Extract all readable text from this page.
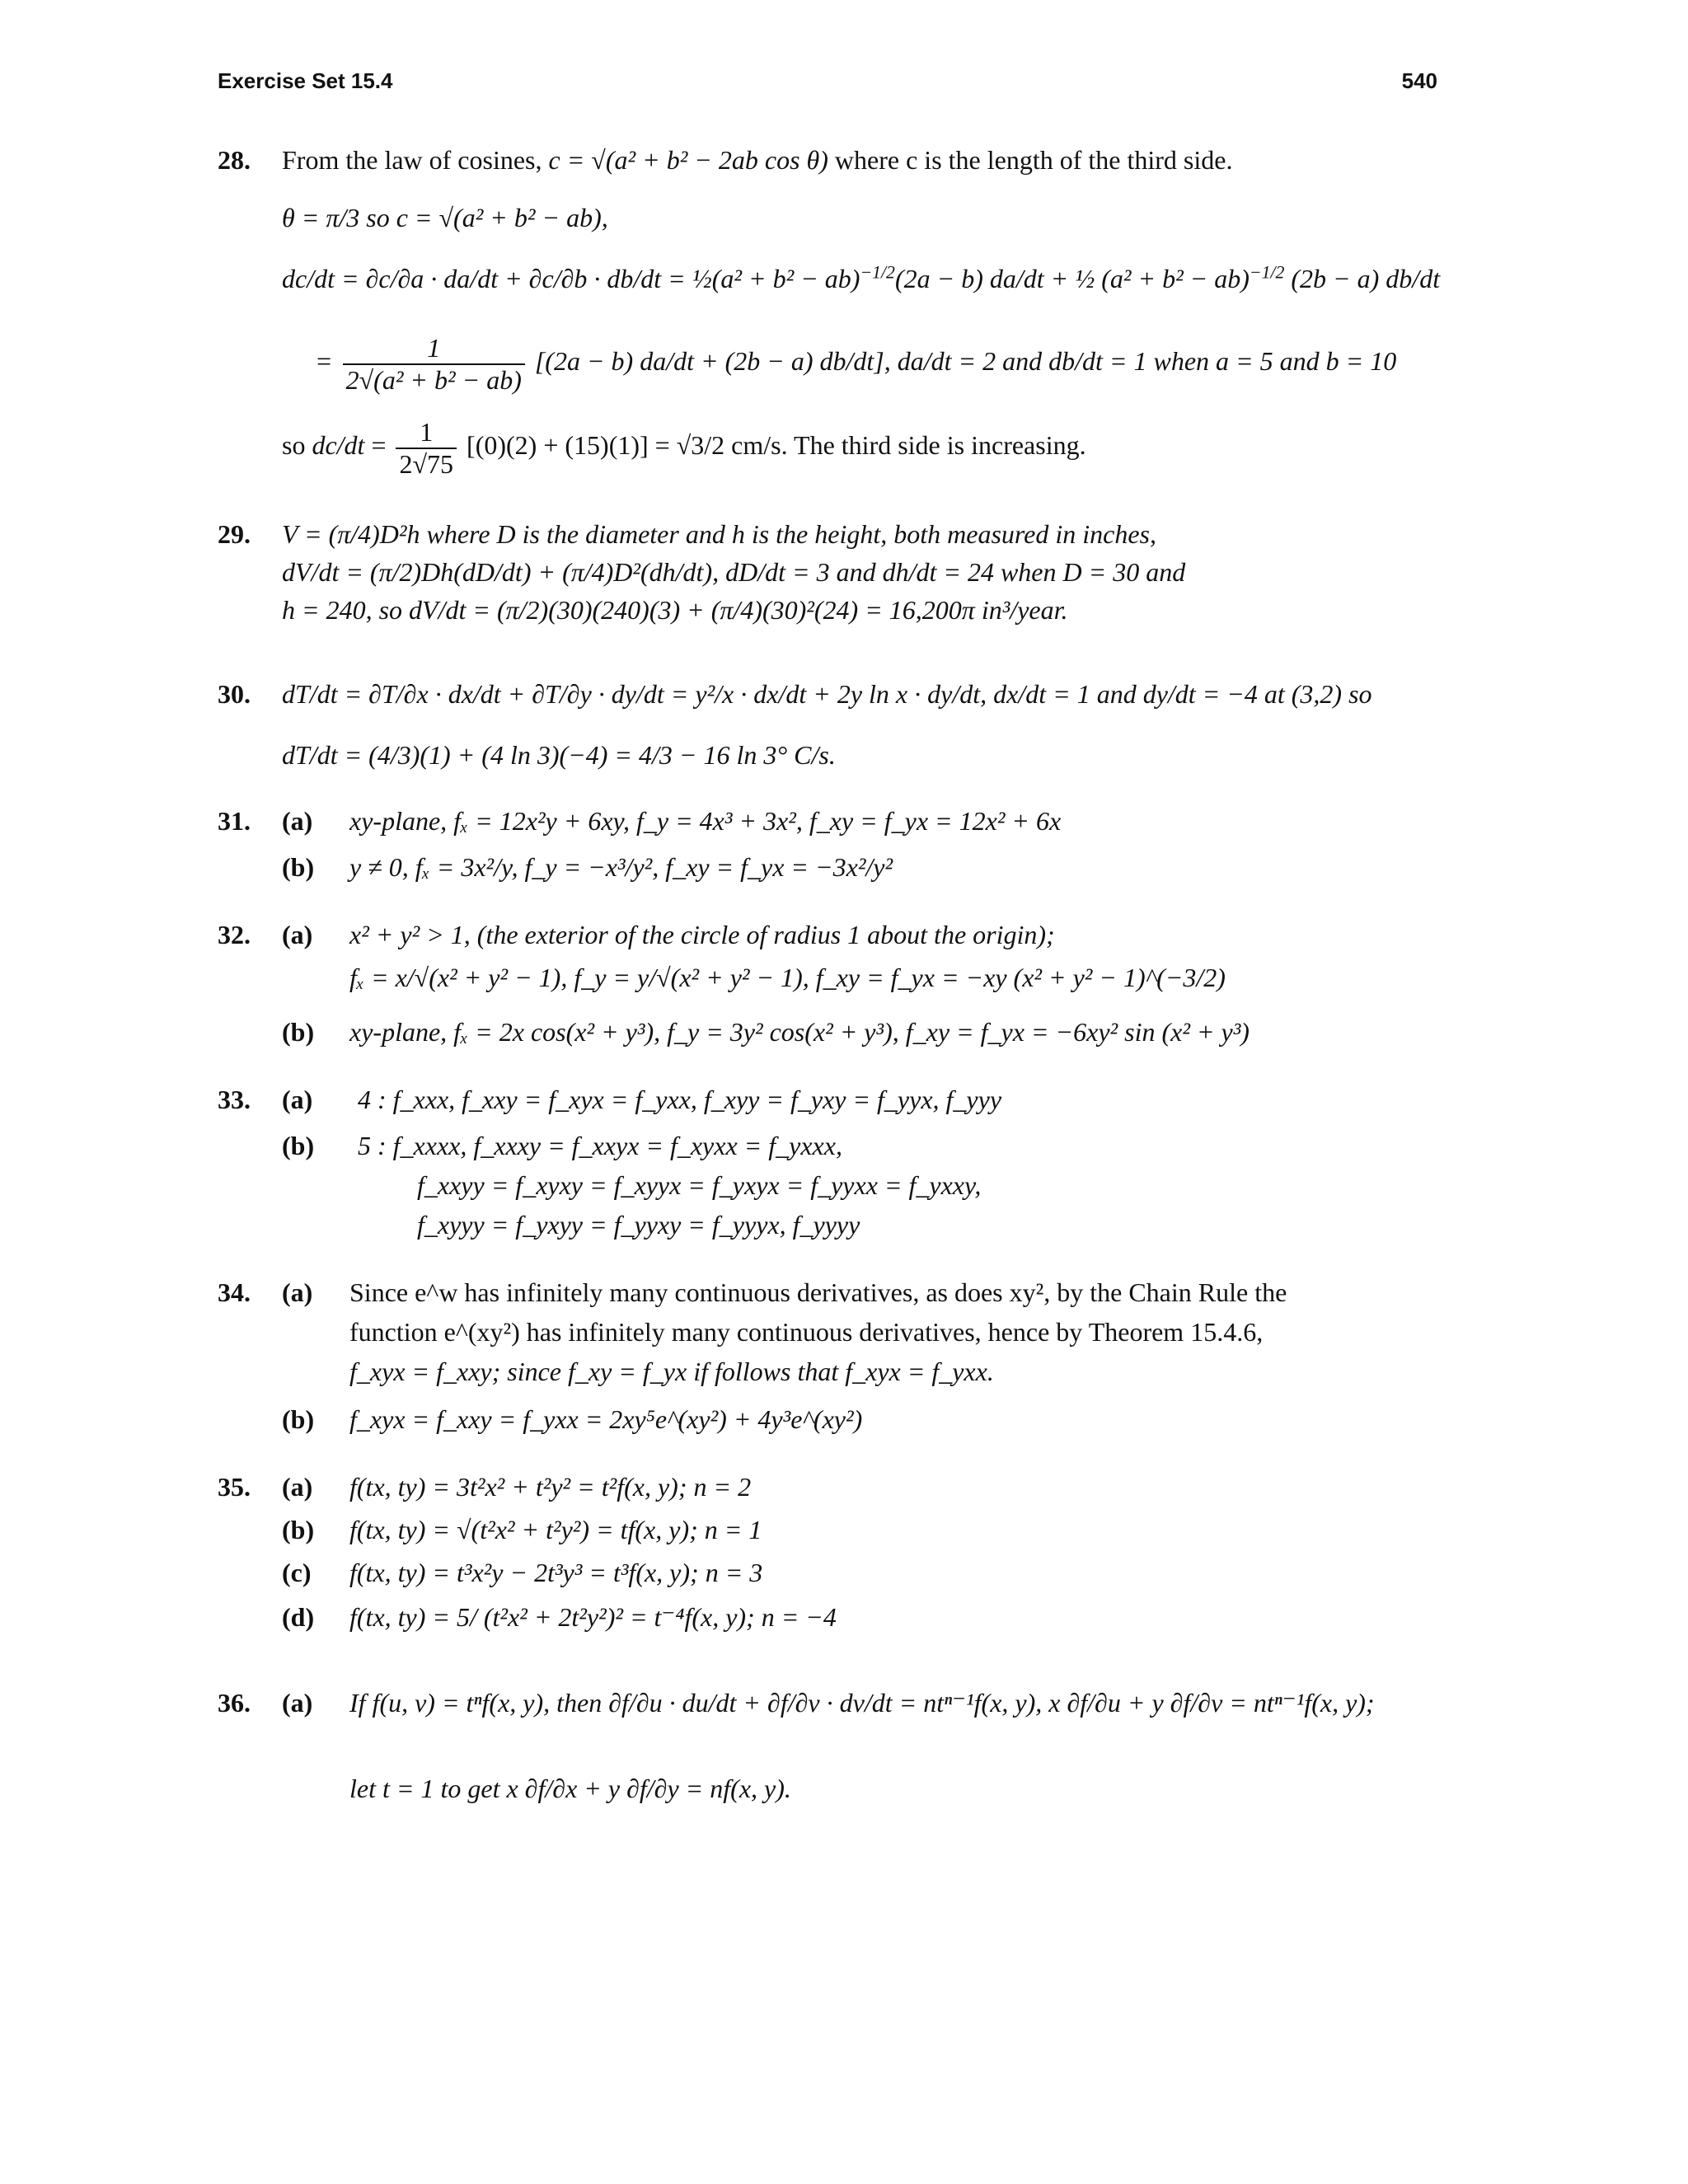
Exercise Set 15.4	540
28. From the law of cosines, c = √(a² + b² − 2ab cos θ) where c is the length of the third side.
θ = π/3 so c = √(a² + b² − ab),
dc/dt = ∂c/∂a · da/dt + ∂c/∂b · db/dt = ½(a² + b² − ab)$^{-1/2}$(2a − b) da/dt + ½ (a² + b² − ab)$^{-1/2}$ (2b − a) db/dt
= $\frac{1}{\text{2√(a² + b² − ab)}} [(2a - b) da/dt + (2b - a)$ db/dt], da/dt = 2 and db/dt = 1 when a = 5 and b = 10
so $dc/dt = \frac{1}{2√75} [(0)(2) + (15)(1)] = √3/2$ cm/s. The third side is increasing.
29. V = (π/4)D²h where D is the diameter and h is the height, both measured in inches,
dV/dt = (π/2)Dh(dD/dt) + (π/4)D²(dh/dt), dD/dt = 3 and dh/dt = 24 when D = 30 and
h = 240, so dV/dt = (π/2)(30)(240)(3) + (π/4)(30)²(24) = 16,200π in³/year.
30. dT/dt = ∂T/∂x · dx/dt + ∂T/∂y · dy/dt = y²/x · dx/dt + 2y ln x · dy/dt, dx/dt = 1 and dy/dt = −4 at (3,2) so
dT/dt = (4/3)(1) + (4 ln 3)(−4) = 4/3 − 16 ln 3° C/s.
31. (a) xy-plane, fₓ = 12x²y + 6xy, f_y = 4x³ + 3x², f_xy = f_yx = 12x² + 6x
(b) y ≠ 0, fₓ = 3x²/y, f_y = −x³/y², f_xy = f_yx = −3x²/y²
32. (a) x² + y² > 1, (the exterior of the circle of radius 1 about the origin);
fₓ = x/√(x² + y² − 1), f_y = y/√(x² + y² − 1), f_xy = f_yx = −xy (x² + y² − 1)^(−3/2)
(b) xy-plane, fₓ = 2x cos(x² + y³), f_y = 3y² cos(x² + y³), f_xy = f_yx = −6xy² sin (x² + y³)
33. (a) 4 : f_xxx, f_xxy = f_xyx = f_yxx, f_xyy = f_yxy = f_yyx, f_yyy
(b) 5 : f_xxxx, f_xxxy = f_xxyx = f_xyxx = f_yxxx,
f_xxyy = f_xyxy = f_xyyx = f_yxyx = f_yyxx = f_yxxy,
f_xyyy = f_yxyy = f_yyxy = f_yyyx, f_yyyy
34. (a) Since e^w has infinitely many continuous derivatives, as does xy², by the Chain Rule the
function e^(xy²) has infinitely many continuous derivatives, hence by Theorem 15.4.6,
f_xyx = f_xxy; since f_xy = f_yx if follows that f_xyx = f_yxx.
(b) f_xyx = f_xxy = f_yxx = 2xy⁵e^(xy²) + 4y³e^(xy²)
35. (a) f(tx, ty) = 3t²x² + t²y² = t²f(x, y); n = 2
(b) f(tx, ty) = √(t²x² + t²y²) = tf(x, y); n = 1
(c) f(tx, ty) = t³x²y − 2t³y³ = t³f(x, y); n = 3
(d) f(tx, ty) = 5/ (t²x² + 2t²y²)² = t⁻⁴f(x, y); n = −4
36. (a) If f(u, v) = tⁿf(x, y), then ∂f/∂u · du/dt + ∂f/∂v · dv/dt = ntⁿ⁻¹f(x, y), x ∂f/∂u + y ∂f/∂v = ntⁿ⁻¹f(x, y);
let t = 1 to get x ∂f/∂x + y ∂f/∂y = nf(x, y).
